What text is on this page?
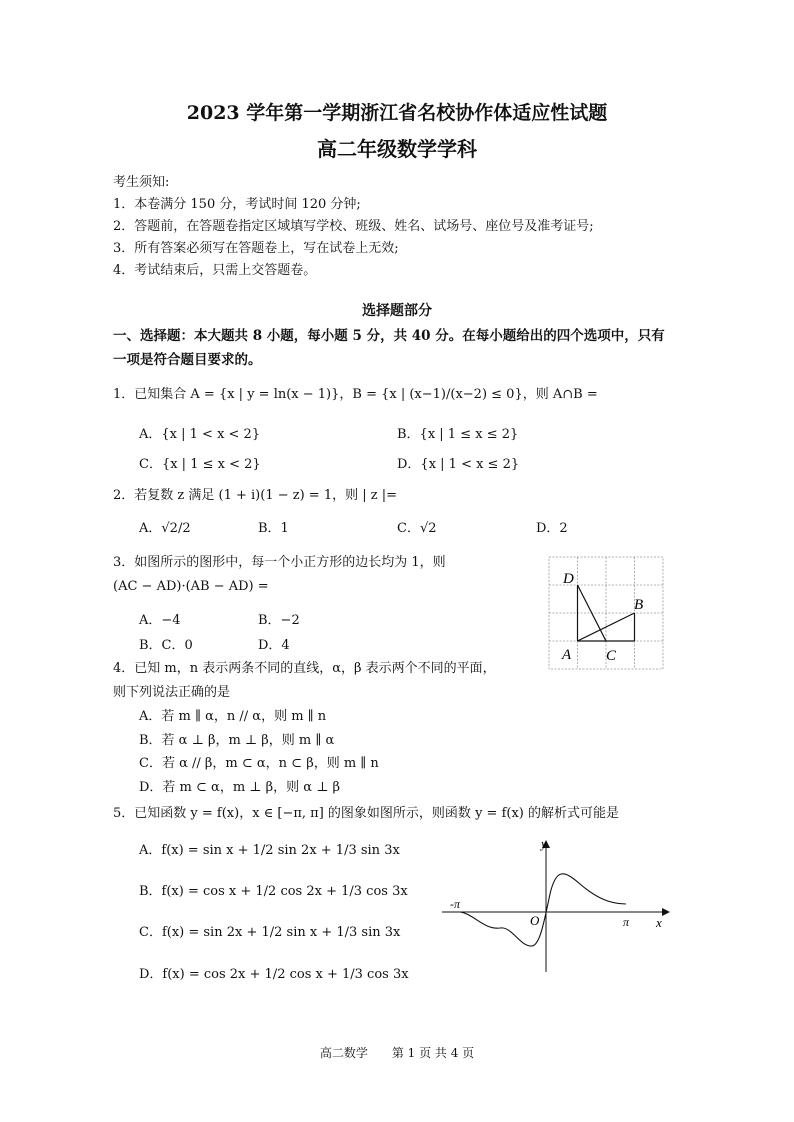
2023 学年第一学期浙江省名校协作体适应性试题
高二年级数学学科
考生须知:
1．本卷满分 150 分，考试时间 120 分钟;
2．答题前，在答题卷指定区域填写学校、班级、姓名、试场号、座位号及准考证号;
3．所有答案必须写在答题卷上，写在试卷上无效;
4．考试结束后，只需上交答题卷。
选择题部分
一、选择题：本大题共 8 小题，每小题 5 分，共 40 分。在每小题给出的四个选项中，只有
一项是符合题目要求的。
1．已知集合 A = {x | y = ln(x − 1)}，B = {x | (x−1)/(x−2) ≤ 0}，则 A∩B =
A．{x | 1 < x < 2}	B．{x | 1 ≤ x ≤ 2}
C．{x | 1 ≤ x < 2}	D．{x | 1 < x ≤ 2}
2．若复数 z 满足 (1 + i)(1 − z) = 1，则 | z |=
A．√2/2	B．1	C．√2	D．2
3．如图所示的图形中，每一个小正方形的边长均为 1，则
(AC − AD)·(AB − AD) =
A．−4	B．−2
B．C．0	D．4
D
B
A C
4．已知 m，n 表示两条不同的直线，α，β 表示两个不同的平面，
则下列说法正确的是
A．若 m ∥ α，n // α，则 m ∥ n
B．若 α ⊥ β，m ⊥ β，则 m ∥ α
C．若 α // β，m ⊂ α，n ⊂ β，则 m ∥ n
D．若 m ⊂ α，m ⊥ β，则 α ⊥ β
5．已知函数 y = f(x)，x ∈ [−π, π] 的图象如图所示，则函数 y = f(x) 的解析式可能是
A．f(x) = sin x + 1/2 sin 2x + 1/3 sin 3x
B．f(x) = cos x + 1/2 cos 2x + 1/3 cos 3x
C．f(x) = sin 2x + 1/2 sin x + 1/3 sin 3x
D．f(x) = cos 2x + 1/2 cos x + 1/3 cos 3x
y
x
O
-π
π
高二数学　　第 1 页 共 4 页
